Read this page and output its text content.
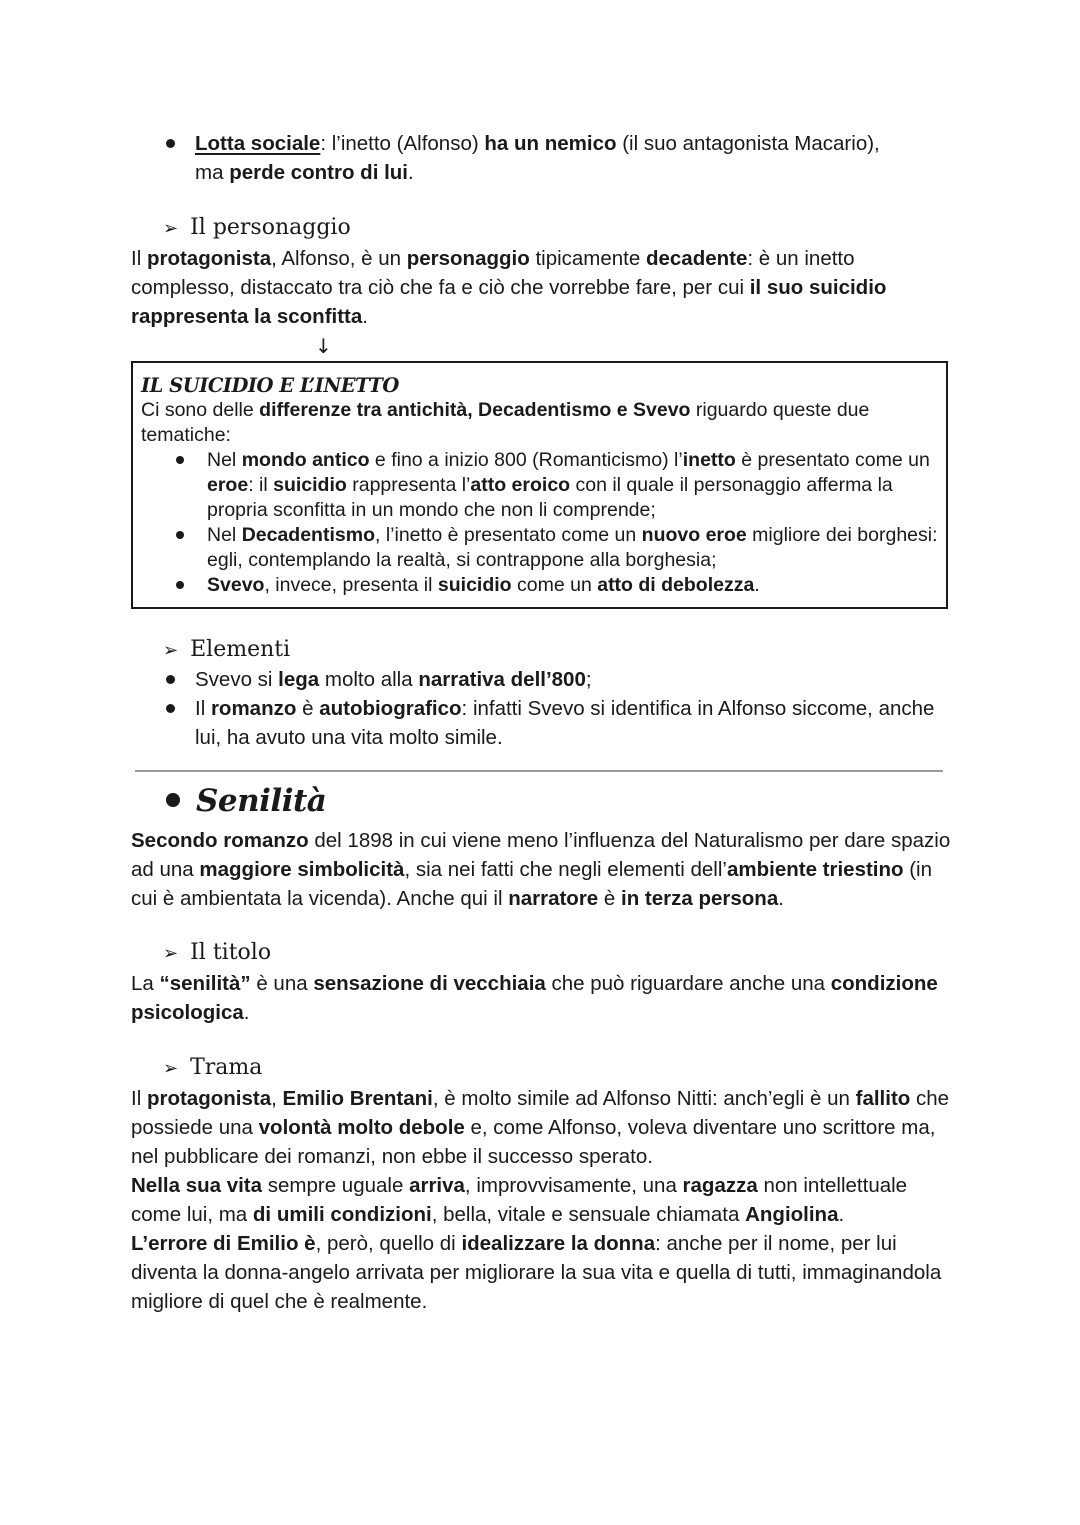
Lotta sociale: l’inetto (Alfonso) ha un nemico (il suo antagonista Macario),
ma perde contro di lui.
➢ Il personaggio
Il protagonista, Alfonso, è un personaggio tipicamente decadente: è un inetto complesso, distaccato tra ciò che fa e ciò che vorrebbe fare, per cui il suo suicidio rappresenta la sconfitta.
↓
IL SUICIDIO E L’INETTO
Ci sono delle differenze tra antichità, Decadentismo e Svevo riguardo queste due tematiche:
Nel mondo antico e fino a inizio 800 (Romanticismo) l’inetto è presentato come un eroe: il suicidio rappresenta l’atto eroico con il quale il personaggio afferma la propria sconfitta in un mondo che non li comprende;
Nel Decadentismo, l’inetto è presentato come un nuovo eroe migliore dei borghesi: egli, contemplando la realtà, si contrappone alla borghesia;
Svevo, invece, presenta il suicidio come un atto di debolezza.
➢ Elementi
Svevo si lega molto alla narrativa dell’800;
Il romanzo è autobiografico: infatti Svevo si identifica in Alfonso siccome, anche lui, ha avuto una vita molto simile.
Senilità
Secondo romanzo del 1898 in cui viene meno l’influenza del Naturalismo per dare spazio ad una maggiore simbolicità, sia nei fatti che negli elementi dell’ambiente triestino (in cui è ambientata la vicenda). Anche qui il narratore è in terza persona.
➢ Il titolo
La “senilità” è una sensazione di vecchiaia che può riguardare anche una condizione psicologica.
➢ Trama
Il protagonista, Emilio Brentani, è molto simile ad Alfonso Nitti: anch’egli è un fallito che possiede una volontà molto debole e, come Alfonso, voleva diventare uno scrittore ma, nel pubblicare dei romanzi, non ebbe il successo sperato.
Nella sua vita sempre uguale arriva, improvvisamente, una ragazza non intellettuale come lui, ma di umili condizioni, bella, vitale e sensuale chiamata Angiolina.
L’errore di Emilio è, però, quello di idealizzare la donna: anche per il nome, per lui diventa la donna-angelo arrivata per migliorare la sua vita e quella di tutti, immaginandola migliore di quel che è realmente.
